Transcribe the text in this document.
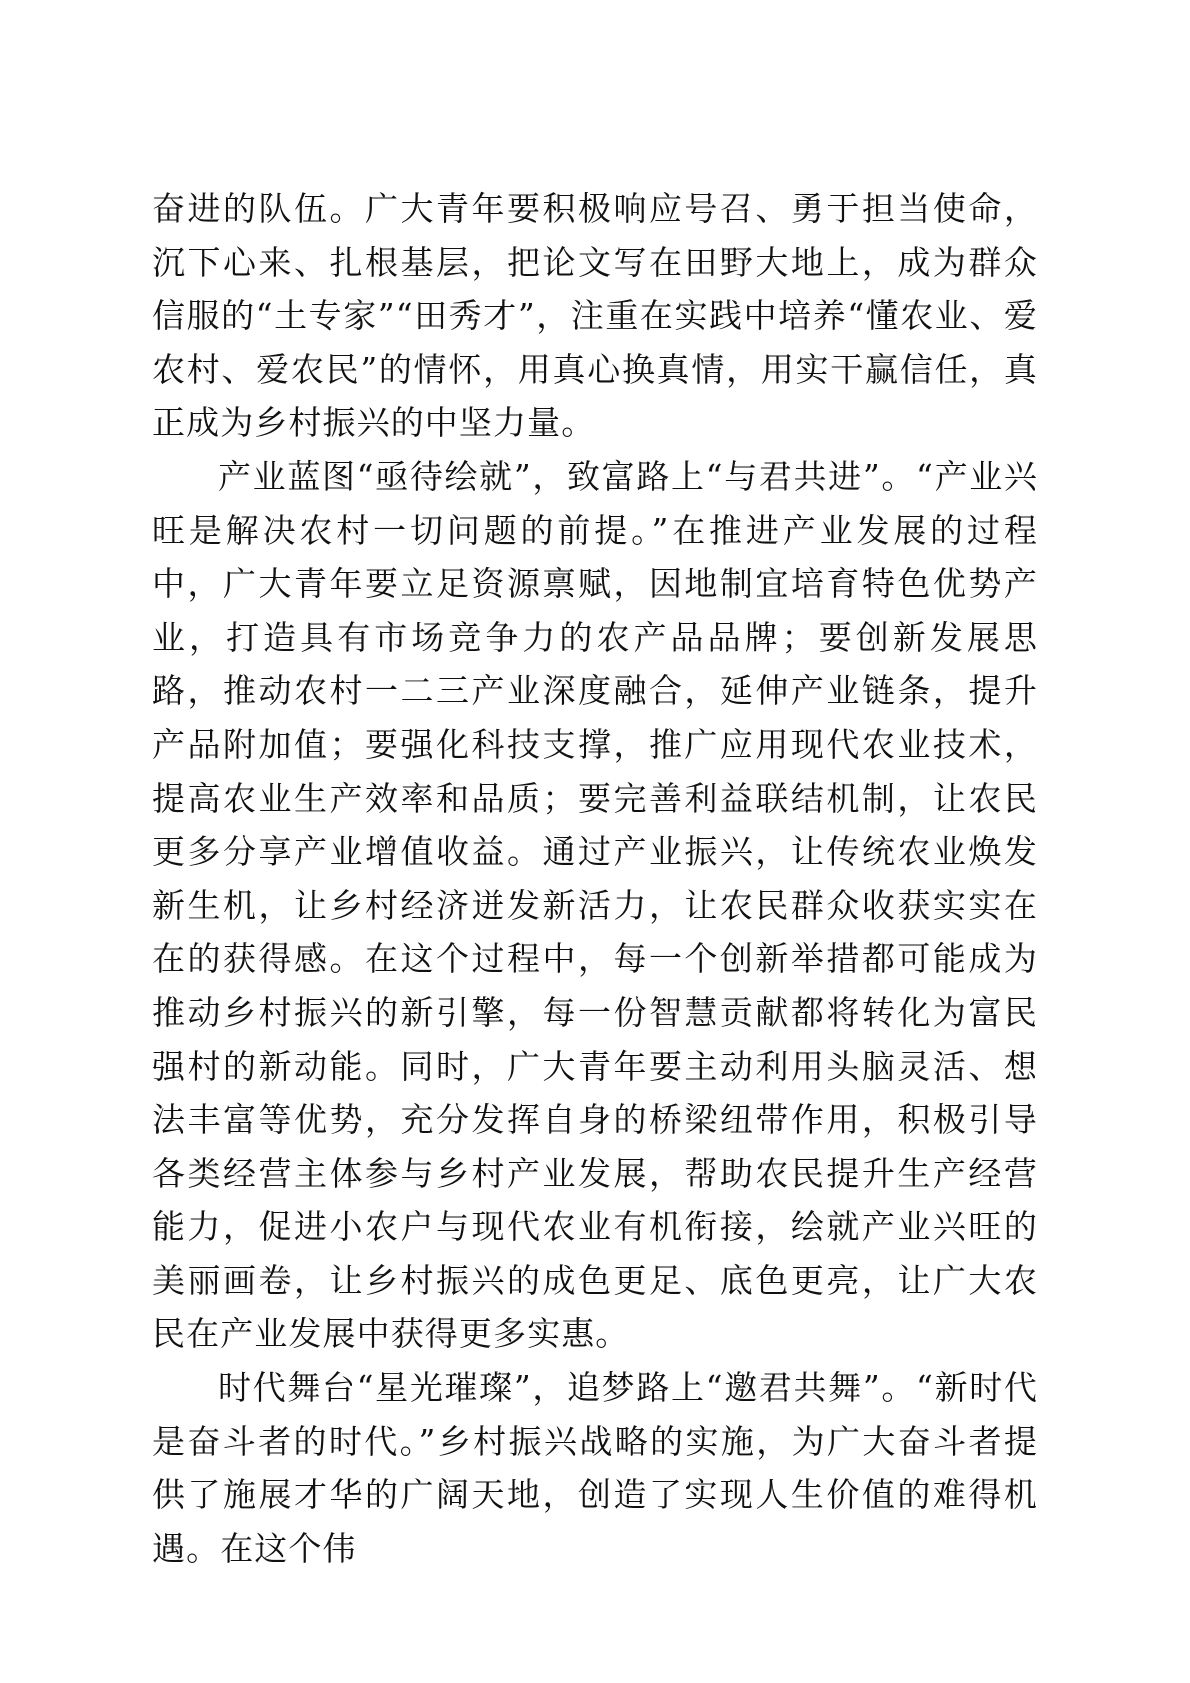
奋进的队伍。广大青年要积极响应号召、勇于担当使命，沉下心来、扎根基层，把论文写在田野大地上，成为群众信服的“土专家”“田秀才”，注重在实践中培养“懂农业、爱农村、爱农民”的情怀，用真心换真情，用实干赢信任，真正成为乡村振兴的中坚力量。

产业蓝图“亟待绘就”，致富路上“与君共进”。“产业兴旺是解决农村一切问题的前提。”在推进产业发展的过程中，广大青年要立足资源禀赋，因地制宜培育特色优势产业，打造具有市场竞争力的农产品品牌；要创新发展思路，推动农村一二三产业深度融合，延伸产业链条，提升产品附加值；要强化科技支撑，推广应用现代农业技术，提高农业生产效率和品质；要完善利益联结机制，让农民更多分享产业增值收益。通过产业振兴，让传统农业焕发新生机，让乡村经济迸发新活力，让农民群众收获实实在在的获得感。在这个过程中，每一个创新举措都可能成为推动乡村振兴的新引擎，每一份智慧贡献都将转化为富民强村的新动能。同时，广大青年要主动利用头脑灵活、想法丰富等优势，充分发挥自身的桥梁纽带作用，积极引导各类经营主体参与乡村产业发展，帮助农民提升生产经营能力，促进小农户与现代农业有机衔接，绘就产业兴旺的美丽画卷，让乡村振兴的成色更足、底色更亮，让广大农民在产业发展中获得更多实惠。

时代舞台“星光璀璨”，追梦路上“邀君共舞”。“新时代是奋斗者的时代。”乡村振兴战略的实施，为广大奋斗者提供了施展才华的广阔天地，创造了实现人生价值的难得机遇。在这个伟
